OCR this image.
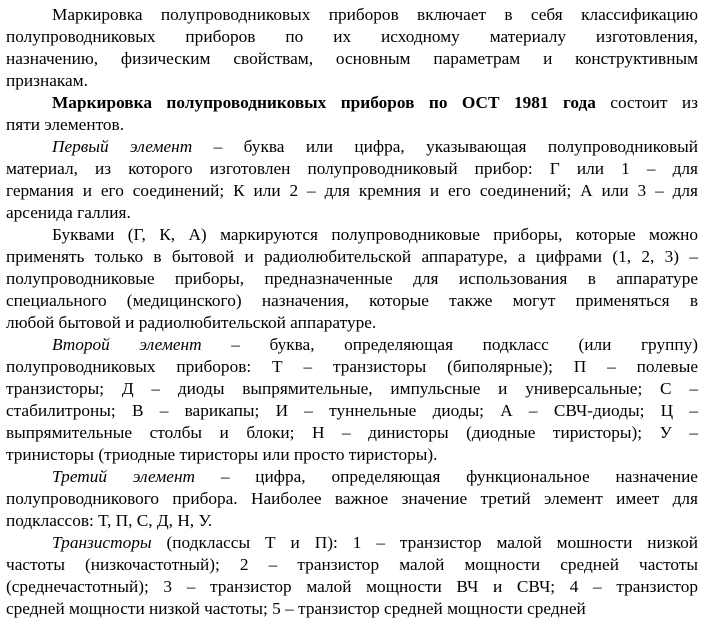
Маркировка полупроводниковых приборов включает в себя классификацию
полупроводниковых приборов по их исходному материалу изготовления,
назначению, физическим свойствам, основным параметрам и конструктивным
признакам.
Маркировка полупроводниковых приборов по ОСТ 1981 года состоит из
пяти элементов.
Первый элемент – буква или цифра, указывающая полупроводниковый
материал, из которого изготовлен полупроводниковый прибор: Г или 1 – для
германия и его соединений; К или 2 – для кремния и его соединений; А или 3 – для
арсенида галлия.
Буквами (Г, К, А) маркируются полупроводниковые приборы, которые можно
применять только в бытовой и радиолюбительской аппаратуре, а цифрами (1, 2, 3) –
полупроводниковые приборы, предназначенные для использования в аппаратуре
специального (медицинского) назначения, которые также могут применяться в
любой бытовой и радиолюбительской аппаратуре.
Второй элемент – буква, определяющая подкласс (или группу)
полупроводниковых приборов: Т – транзисторы (биполярные); П – полевые
транзисторы; Д – диоды выпрямительные, импульсные и универсальные; С –
стабилитроны; В – варикапы; И – туннельные диоды; А – СВЧ-диоды; Ц –
выпрямительные столбы и блоки; Н – динисторы (диодные тиристоры); У –
тринисторы (триодные тиристоры или просто тиристоры).
Третий элемент – цифра, определяющая функциональное назначение
полупроводникового прибора. Наиболее важное значение третий элемент имеет для
подклассов: Т, П, С, Д, Н, У.
Транзисторы (подклассы Т и П): 1 – транзистор малой мошности низкой
частоты (низкочастотный); 2 – транзистор малой мощности средней частоты
(среднечастотный); 3 – транзистор малой мощности ВЧ и СВЧ; 4 – транзистор
средней мощности низкой частоты; 5 – транзистор средней мощности средней
